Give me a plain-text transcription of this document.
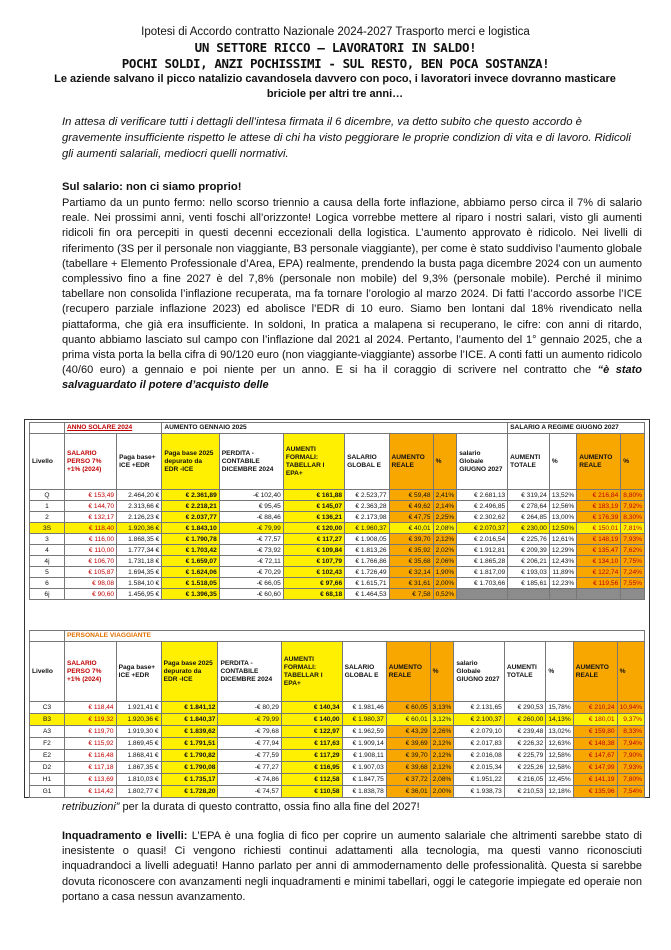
Ipotesi di Accordo contratto Nazionale 2024-2027 Trasporto merci e logistica
UN SETTORE RICCO – LAVORATORI IN SALDO!
POCHI SOLDI, ANZI POCHISSIMI - SUL RESTO, BEN POCA SOSTANZA!
Le aziende salvano il picco natalizio cavandosela davvero con poco, i lavoratori invece dovranno masticare briciole per altri tre anni…
In attesa di verificare tutti i dettagli dell’intesa firmata il 6 dicembre, va detto subito che questo accordo è gravemente insufficiente rispetto le attese di chi ha visto peggiorare le proprie condizion di vita e di lavoro. Ridicoli gli aumenti salariali, mediocri quelli normativi.
Sul salario: non ci siamo proprio!
Partiamo da un punto fermo: nello scorso triennio a causa della forte inflazione, abbiamo perso circa il 7% di salario reale. Nei prossimi anni, venti foschi all’orizzonte! Logica vorrebbe mettere al riparo i nostri salari, visto gli aumenti ridicoli fin ora percepiti in questi decenni eccezionali della logistica. L’aumento approvato è ridicolo. Nei livelli di riferimento (3S per il personale non viaggiante, B3 personale viaggiante), per come è stato suddiviso l’aumento globale (tabellare + Elemento Professionale d’Area, EPA) realmente, prendendo la busta paga dicembre 2024 con un aumento complessivo fino a fine 2027 è del 7,8% (personale non mobile) del 9,3% (personale mobile). Perché il minimo tabellare non consolida l’inflazione recuperata, ma fa tornare l’orologio al marzo 2024. Di fatti l’accordo assorbe l’ICE (recupero parziale inflazione 2023) ed abolisce l’EDR di 10 euro. Siamo ben lontani dal 18% rivendicato nella piattaforma, che già era insufficiente. In soldoni, In pratica a malapena si recuperano, le cifre: con anni di ritardo, quanto abbiamo lasciato sul campo con l’inflazione dal 2021 al 2024. Pertanto, l’aumento del 1° gennaio 2025, che a prima vista porta la bella cifra di 90/120 euro (non viaggiante-viaggiante) assorbe l’ICE. A conti fatti un aumento ridicolo (40/60 euro) a gennaio e poi niente per un anno. E si ha il coraggio di scrivere nel contratto che “è stato salvaguardato il potere d’acquisto delle
	ANNO SOLARE 2024		AUMENTO GENNAIO 2025							SALARIO A REGIME GIUGNO 2027			
Livello	SALARIO PERSO 7% +1% (2024)	Paga base+ ICE +EDR	Paga base 2025 depurato da EDR -ICE	PERDITA - CONTABILE DICEMBRE 2024	AUMENTI FORMALI: TABELLAR I EPA+	SALARIO GLOBAL E	AUMENTO REALE	%	salario Globale GIUGNO 2027	AUMENTI TOTALE	%	AUMENTO REALE	%
Q	€ 153,49	2.464,20 €	€ 2.361,89	-€ 102,40	€ 161,88	€ 2.523,77	€ 59,48	2,41%	€ 2.681,13	€ 319,24	13,52%	€ 216,84	8,80%
1	€ 144,70	2.313,66 €	€ 2.218,21	€ 95,45	€ 145,07	€ 2.363,28	€ 49,62	2,14%	€ 2.496,85	€ 278,64	12,56%	€ 183,19	7,92%
2	€ 132,17	2.126,23 €	€ 2.037,77	-€ 88,46	€ 136,21	€ 2.173,98	€ 47,75	2,25%	€ 2.302,62	€ 264,85	13,00%	€ 176,39	8,30%
3S	€ 118,40	1.920,36 €	€ 1.843,10	-€ 79,99	€ 120,00	€ 1.960,37	€ 40,01	2,08%	€ 2.070,37	€ 230,00	12,50%	€ 150,01	7,81%
3	€ 116,00	1.868,35 €	€ 1.790,78	-€ 77,57	€ 117,27	€ 1.908,05	€ 39,70	2,12%	€ 2.016,54	€ 225,76	12,61%	€ 148,19	7,93%
4	€ 110,00	1.777,34 €	€ 1.703,42	-€ 73,92	€ 109,84	€ 1.813,26	€ 35,92	2,02%	€ 1.912,81	€ 209,39	12,29%	€ 135,47	7,62%
4j	€ 106,70	1.731,18 €	€ 1.659,07	-€ 72,11	€ 107,79	€ 1.766,86	€ 35,68	2,06%	€ 1.865,28	€ 206,21	12,43%	€ 134,10	7,75%
5	€ 105,87	1.694,35 €	€ 1.624,06	-€ 70,29	€ 102,43	€ 1.726,49	€ 32,14	1,90%	€ 1.817,09	€ 193,03	11,89%	€ 122,74	7,24%
6	€ 98,08	1.584,10 €	€ 1.518,05	-€ 66,05	€ 97,66	€ 1.615,71	€ 31,61	2,00%	€ 1.703,66	€ 185,61	12,23%	€ 119,56	7,55%
6j	€ 90,60	1.456,95 €	€ 1.396,35	-€ 60,60	€ 68,18	€ 1.464,53	€ 7,58	0,52%					
	PERSONALE VIAGGIANTE												
Livello	SALARIO PERSO 7% +1% (2024)	Paga base+ ICE +EDR	Paga base 2025 depurato da EDR -ICE	PERDITA - CONTABILE DICEMBRE 2024	AUMENTI FORMALI: TABELLAR I EPA+	SALARIO GLOBAL E	AUMENTO REALE	%	salario Globale GIUGNO 2027	AUMENTI TOTALE	%	AUMENTO REALE	%
C3	€ 118,44	1.921,41 €	€ 1.841,12	-€ 80,29	€ 140,34	€ 1.981,46	€ 60,05	3,13%	€ 2.131,65	€ 290,53	15,78%	€ 210,24	10,94%
B3	€ 119,32	1.920,36 €	€ 1.840,37	-€ 79,99	€ 140,00	€ 1.980,37	€ 60,01	3,12%	€ 2.100,37	€ 260,00	14,13%	€ 180,01	9,37%
A3	€ 119,70	1.919,30 €	€ 1.839,62	-€ 79,68	€ 122,97	€ 1.962,59	€ 43,29	2,26%	€ 2.079,10	€ 239,48	13,02%	€ 159,80	8,33%
F2	€ 115,92	1.869,45 €	€ 1.791,51	-€ 77,94	€ 117,63	€ 1.909,14	€ 39,69	2,12%	€ 2.017,83	€ 226,32	12,63%	€ 148,38	7,94%
E2	€ 116,48	1.868,41 €	€ 1.790,82	-€ 77,59	€ 117,29	€ 1.908,11	€ 39,70	2,12%	€ 2.016,08	€ 225,79	12,58%	€ 147,67	7,90%
D2	€ 117,18	1.867,35 €	€ 1.790,08	-€ 77,27	€ 116,95	€ 1.907,03	€ 39,68	2,12%	€ 2.015,34	€ 225,26	12,58%	€ 147,99	7,93%
H1	€ 113,69	1.810,03 €	€ 1.735,17	-€ 74,86	€ 112,58	€ 1.847,75	€ 37,72	2,08%	€ 1.951,22	€ 216,05	12,45%	€ 141,19	7,80%
G1	€ 114,42	1.802,77 €	€ 1.728,20	-€ 74,57	€ 110,58	€ 1.838,78	€ 36,01	2,00%	€ 1.938,73	€ 210,53	12,18%	€ 135,96	7,54%
retribuzioni” per la durata di questo contratto, ossia fino alla fine del 2027!
Inquadramento e livelli: L’EPA è una foglia di fico per coprire un aumento salariale che altrimenti sarebbe stato di inesistente o quasi! Ci vengono richiesti continui adattamenti alla tecnologia, ma questi vanno riconosciuti inquadrandoci a livelli adeguati! Hanno parlato per anni di ammodernamento delle professionalità. Questa si sarebbe dovuta riconoscere con avanzamenti negli inquadramenti e minimi tabellari, oggi le categorie impiegate ed operaie non portano a casa nessun avanzamento.
